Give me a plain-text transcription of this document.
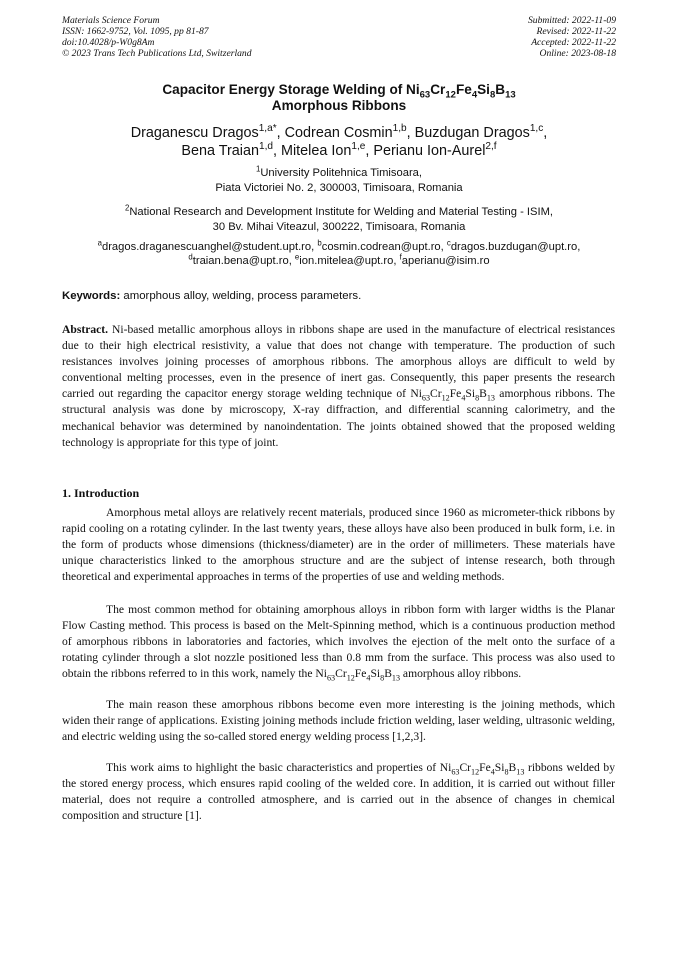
Materials Science Forum
ISSN: 1662-9752, Vol. 1095, pp 81-87
doi:10.4028/p-W0g8Am
© 2023 Trans Tech Publications Ltd, Switzerland
Submitted: 2022-11-09
Revised: 2022-11-22
Accepted: 2022-11-22
Online: 2023-08-18
Capacitor Energy Storage Welding of $Ni_{63}Cr_{12}Fe_4Si_8B_{13}$
Amorphous Ribbons
Draganescu Dragos$^{1,a*}$, Codrean Cosmin$^{1,b}$, Buzdugan Dragos$^{1,c}$,
Bena Traian$^{1,d}$, Mitelea Ion$^{1,e}$, Perianu Ion-Aurel$^{2,f}$
$^1$University Politehnica Timisoara,
Piata Victoriei No. 2, 300003, Timisoara, Romania
$^2$National Research and Development Institute for Welding and Material Testing - ISIM,
30 Bv. Mihai Viteazul, 300222, Timisoara, Romania
$^a$dragos.draganescuanghel@student.upt.ro, $^b$cosmin.codrean@upt.ro, $^c$dragos.buzdugan@upt.ro,
$^d$traian.bena@upt.ro, $^e$ion.mitelea@upt.ro, $^f$aperianu@isim.ro
Keywords: amorphous alloy, welding, process parameters.
Abstract. Ni-based metallic amorphous alloys in ribbons shape are used in the manufacture of electrical resistances due to their high electrical resistivity, a value that does not change with temperature. The production of such resistances involves joining processes of amorphous ribbons. The amorphous alloys are difficult to weld by conventional melting processes, even in the presence of inert gas. Consequently, this paper presents the research carried out regarding the capacitor energy storage welding technique of $Ni_{63}Cr_{12}Fe_4Si_8B_{13}$ amorphous ribbons. The structural analysis was done by microscopy, X-ray diffraction, and differential scanning calorimetry, and the mechanical behavior was determined by nanoindentation. The joints obtained showed that the proposed welding technology is appropriate for this type of joint.
1. Introduction
Amorphous metal alloys are relatively recent materials, produced since 1960 as micrometer-thick ribbons by rapid cooling on a rotating cylinder. In the last twenty years, these alloys have also been produced in bulk form, i.e. in the form of products whose dimensions (thickness/diameter) are in the order of millimeters. These materials have unique characteristics linked to the amorphous structure and are the subject of intense research, both through theoretical and experimental approaches in terms of the properties of use and welding methods.
The most common method for obtaining amorphous alloys in ribbon form with larger widths is the Planar Flow Casting method. This process is based on the Melt-Spinning method, which is a continuous production method of amorphous ribbons in laboratories and factories, which involves the ejection of the melt onto the surface of a rotating cylinder through a slot nozzle positioned less than 0.8 mm from the surface. This process was also used to obtain the ribbons referred to in this work, namely the $Ni_{63}Cr_{12}Fe_4Si_8B_{13}$ amorphous alloy ribbons.
The main reason these amorphous ribbons become even more interesting is the joining methods, which widen their range of applications. Existing joining methods include friction welding, laser welding, ultrasonic welding, and electric welding using the so-called stored energy welding process [1,2,3].
This work aims to highlight the basic characteristics and properties of $Ni_{63}Cr_{12}Fe_4Si_8B_{13}$ ribbons welded by the stored energy process, which ensures rapid cooling of the welded core. In addition, it is carried out without filler material, does not require a controlled atmosphere, and is carried out in the absence of changes in chemical composition and structure [1].
